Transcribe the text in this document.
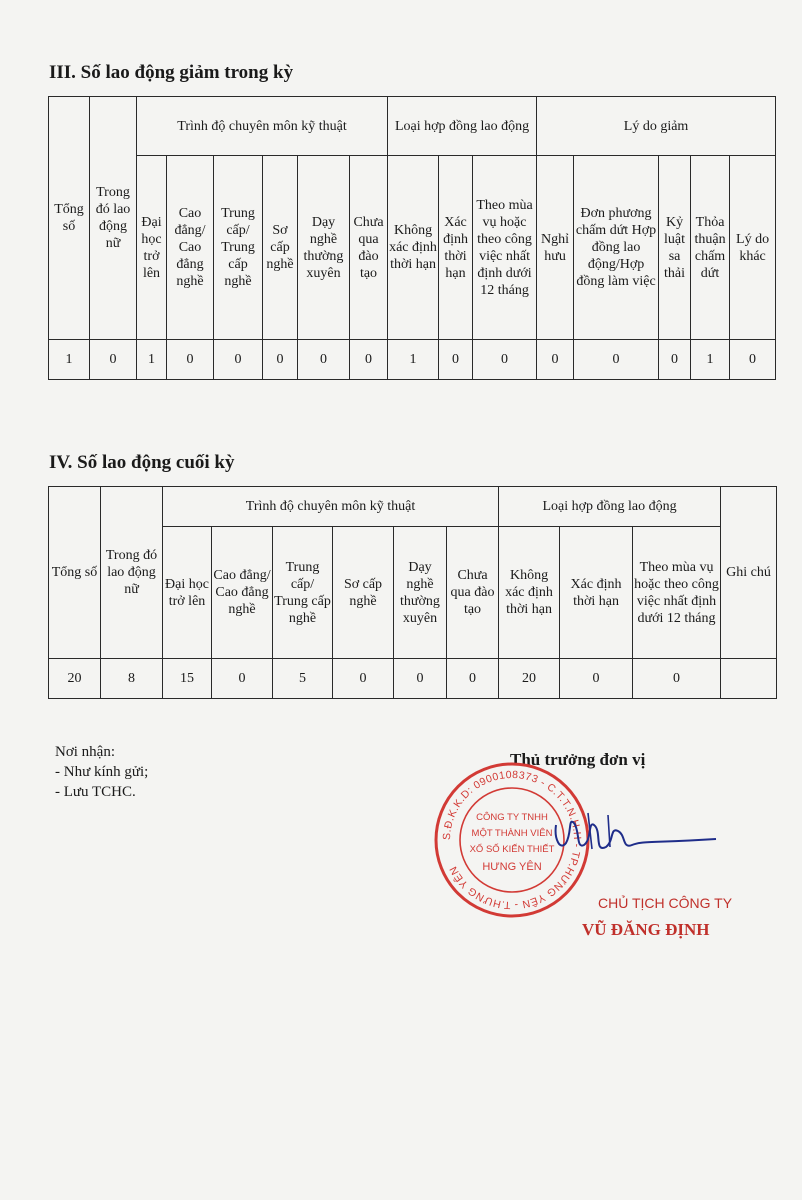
III. Số lao động giảm trong kỳ
Tổng số	Trong đó lao động nữ	Trình độ chuyên môn kỹ thuật						Loại hợp đồng lao động			Lý do giảm				
		Đại học trở lên	Cao đẳng/ Cao đẳng nghề	Trung cấp/ Trung cấp nghề	Sơ cấp nghề	Dạy nghề thường xuyên	Chưa qua đào tạo	Không xác định thời hạn	Xác định thời hạn	Theo mùa vụ hoặc theo công việc nhất định dưới 12 tháng	Nghỉ hưu	Đơn phương chấm dứt Hợp đồng lao động/Hợp đồng làm việc	Kỷ luật sa thải	Thỏa thuận chấm dứt	Lý do khác
1	0	1	0	0	0	0	0	1	0	0	0	0	0	1	0
IV. Số lao động cuối kỳ
Tổng số	Trong đó lao động nữ	Trình độ chuyên môn kỹ thuật						Loại hợp đồng lao động			Ghi chú
		Đại học trở lên	Cao đẳng/ Cao đẳng nghề	Trung cấp/ Trung cấp nghề	Sơ cấp nghề	Dạy nghề thường xuyên	Chưa qua đào tạo	Không xác định thời hạn	Xác định thời hạn	Theo mùa vụ hoặc theo công việc nhất định dưới 12 tháng	
20	8	15	0	5	0	0	0	20	0	0	
Nơi nhận:
- Như kính gửi;
- Lưu TCHC.
Thủ trưởng đơn vị
S.Đ.K.K.D: 0900108373 - C.T.T.N.H.H - TP.HƯNG YÊN - T.HƯNG YÊN
CÔNG TY TNHH
MỘT THÀNH VIÊN
XỔ SỐ KIẾN THIẾT
HƯNG YÊN
CHỦ TỊCH CÔNG TY
VŨ ĐĂNG ĐỊNH
